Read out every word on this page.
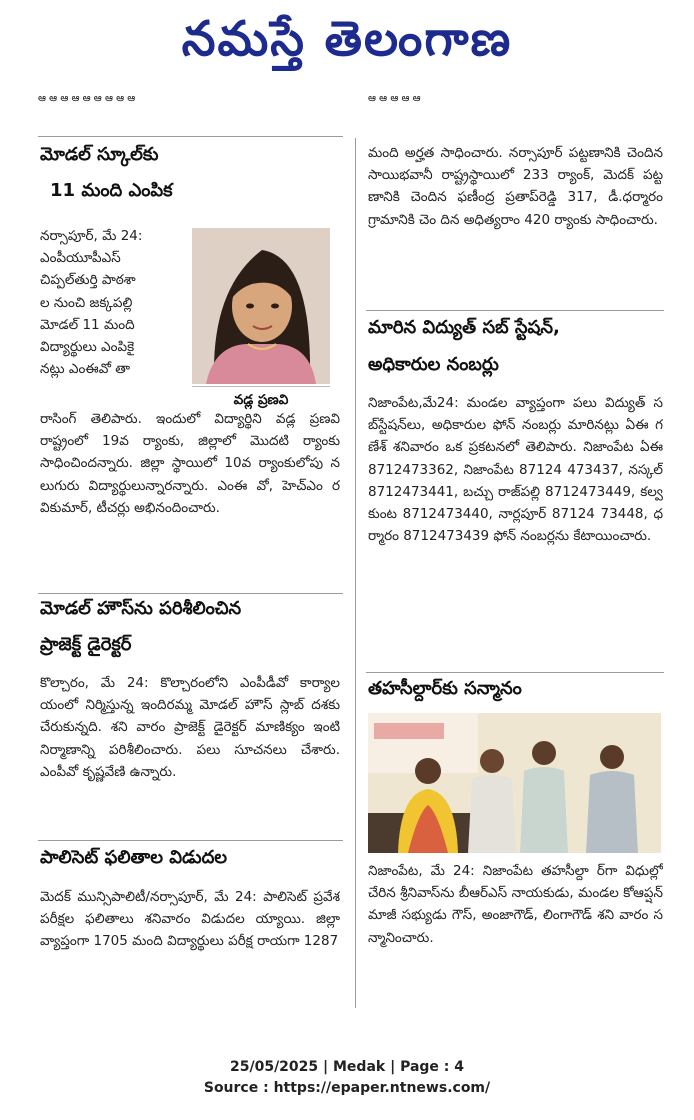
నమస్తే తెలంగాణ
ఆ ఆ ఆ ఆ ఆ ఆ ఆ ఆ ఆ	ఆ ఆ ఆ ఆ ఆ
మోడల్ స్కూల్‌కు
11 మంది ఎంపిక
నర్సాపూర్, మే 24:
ఎంపీయూపీఎస్
చిప్పల్‌తుర్తి పాఠశా
ల నుంచి జక్కపల్లి
మోడల్ 11 మంది
విద్యార్థులు ఎంపికై
నట్లు ఎంఈవో తా
వడ్ల ప్రణవి
రాసింగ్ తెలిపారు. ఇందులో విద్యార్థిని వడ్ల ప్రణవి రాష్ట్రంలో 19వ ర్యాంకు, జిల్లాలో మొదటి ర్యాంకు సాధించిందన్నారు. జిల్లా స్థాయిలో 10వ ర్యాంకులోపు నలుగురు విద్యార్థులున్నారన్నారు. ఎంఈ వో, హెచ్‌ఎం రవికుమార్, టీచర్లు అభినందించారు.
మోడల్ హౌస్‌ను పరిశీలించిన
ప్రాజెక్ట్ డైరెక్టర్
కొల్చారం, మే 24: కొల్చారంలోని ఎంపీడీవో కార్యాలయంలో నిర్మిస్తున్న ఇందిరమ్మ మోడల్ హౌస్ స్లాబ్ దశకు చేరుకున్నది. శని వారం ప్రాజెక్ట్ డైరెక్టర్ మాణిక్యం ఇంటి నిర్మాణాన్ని పరిశీలించారు. పలు సూచనలు చేశారు. ఎంపీవో కృష్ణవేణి ఉన్నారు.
పాలిసెట్ ఫలితాల విడుదల
మెదక్ మున్సిపాలిటీ/నర్సాపూర్, మే 24: పాలిసెట్ ప్రవేశ పరీక్షల ఫలితాలు శనివారం విడుదల య్యాయి. జిల్లా వ్యాప్తంగా 1705 మంది విద్యార్థులు పరీక్ష రాయగా 1287
మంది అర్హత సాధించారు. నర్సాపూర్ పట్టణానికి చెందిన సాయిభవానీ రాష్ట్రస్థాయిలో 233 ర్యాంక్, మెదక్ పట్టణానికి చెందిన ఫణీంద్ర ప్రతాప్‌రెడ్డి 317, డీ.ధర్మారం గ్రామానికి చెం దిన అధిత్యరాం 420 ర్యాంకు సాధించారు.
మారిన విద్యుత్ సబ్ స్టేషన్,
అధికారుల నంబర్లు
నిజాంపేట,మే24: మండల వ్యాప్తంగా పలు విద్యుత్ సబ్‌స్టేషన్‌లు, అధికారుల ఫోన్ నంబర్లు మారినట్లు ఏఈ గణేశ్ శనివారం ఒక ప్రకటనలో తెలిపారు. నిజాంపేట ఏఈ 8712473362, నిజాంపేట 87124 473437, నస్కల్ 8712473441, బచ్చు రాజ్‌పల్లి 8712473449, కల్వకుంట 8712473440, నార్లపూర్ 87124 73448, ధర్మారం 8712473439 ఫోన్ నంబర్లను కేటాయించారు.
తహసీల్దార్‌కు సన్మానం
నిజాంపేట, మే 24: నిజాంపేట తహసీల్దా ర్‌గా విధుల్లో చేరిన శ్రీనివాస్‌ను బీఆర్‌ఎస్ నాయకుడు, మండల కోఆప్షన్ మాజీ సభ్యుడు గౌస్, అంజాగౌడ్, లింగాగౌడ్ శని వారం సన్మానించారు.
25/05/2025 | Medak | Page : 4
Source : https://epaper.ntnews.com/
